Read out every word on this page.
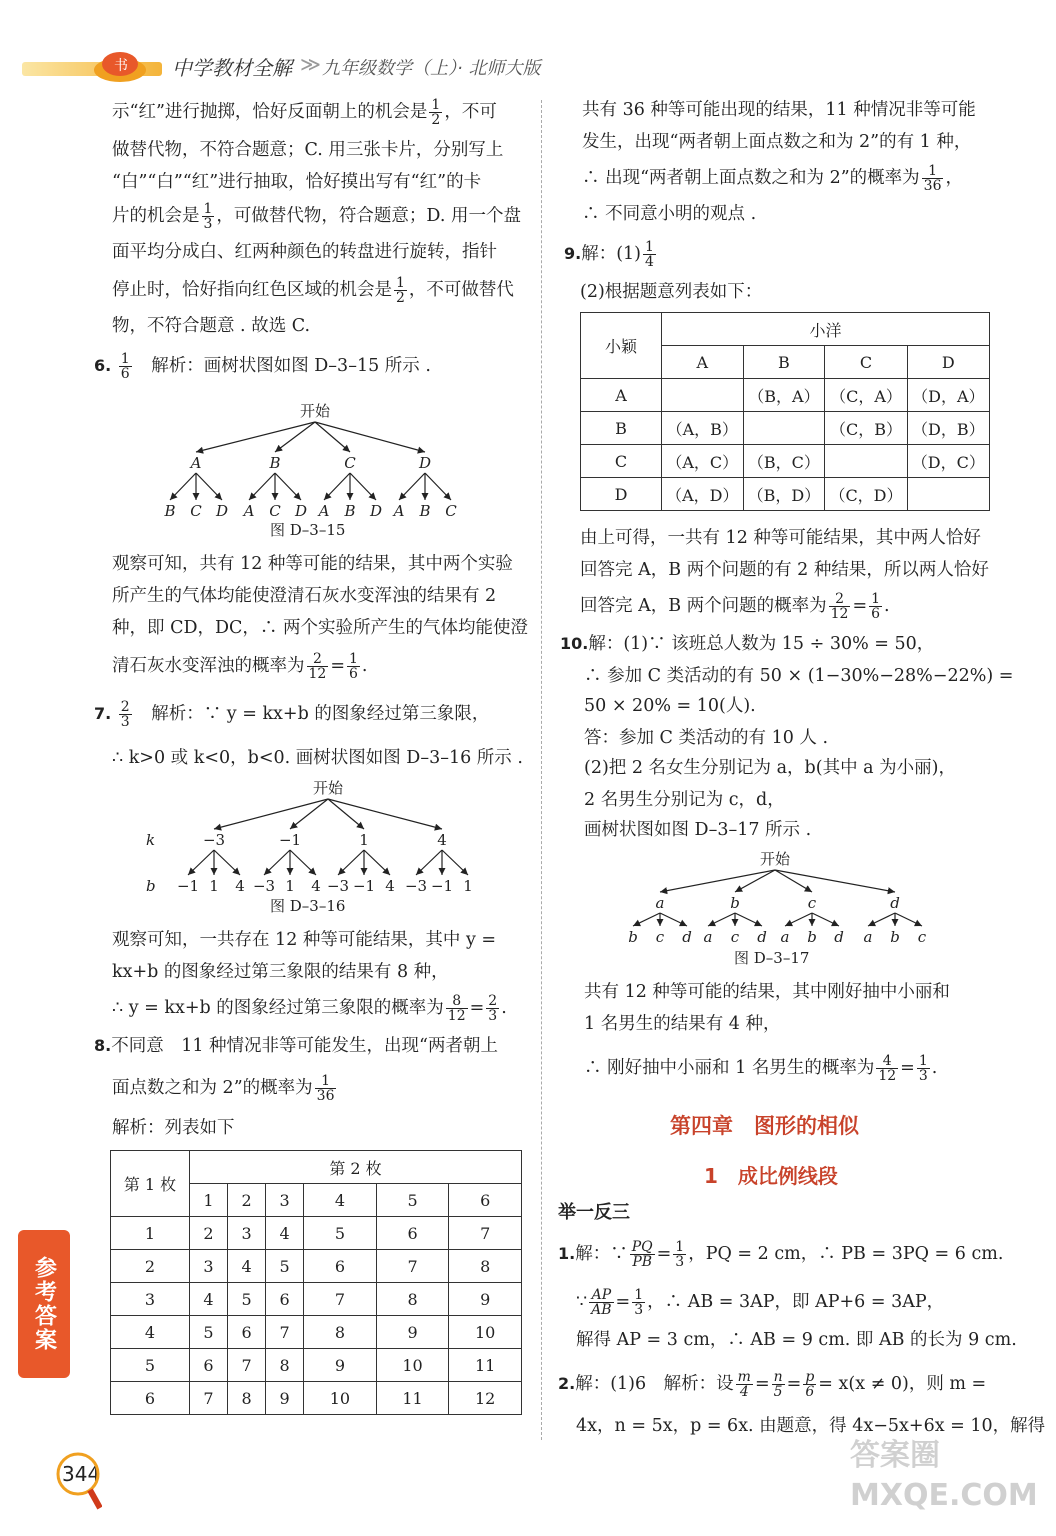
书 中学教材全解 ≫ 九年级数学（上）· 北师大版
示“红”进行抛掷，恰好反面朝上的机会是 $\frac{1}{2}$ ，不可
做替代物，不符合题意；C. 用三张卡片，分别写上
“白”“白”“红”进行抽取，恰好摸出写有“红”的卡
片的机会是 $\frac{1}{3}$ ，可做替代物，符合题意；D. 用一个盘
面平均分成白、红两种颜色的转盘进行旋转，指针
停止时，恰好指向红色区域的机会是 $\frac{1}{2}$ ，不可做替代
物，不符合题意 . 故选 C.
6. $\frac{1}{6}$
　 解析：画树状图如图 D–3–15 所示 .
开始
A
B C D
B
A C D
C
A B D
D
A B C
图 D–3–15
观察可知，共有 12 种等可能的结果，其中两个实验
所产生的气体均能使澄清石灰水变浑浊的结果有 2
种，即 CD，DC，∴ 两个实验所产生的气体均能使澄
清石灰水变浑浊的概率为 $\frac{2}{12} = \frac{1}{6}$ .
7. $\frac{2}{3}$
　 解析：∵ y = kx+b 的图象经过第三象限，
∴ k>0 或 k<0，b<0. 画树状图如图 D–3–16 所示 .
开始
−3
−1 1 4
−1
−3 1 4
1
−3 −1 4
4
−3 −1 1
k
b
图 D–3–16
观察可知，一共存在 12 种等可能结果，其中 y =
kx+b 的图象经过第三象限的结果有 8 种，
∴ y = kx+b 的图象经过第三象限的概率为 $\frac{8}{12} = \frac{2}{3}$ .
8.不同意　11 种情况非等可能发生，出现“两者朝上
面点数之和为 2”的概率为 $\frac{1}{36}$
解析：列表如下
第 1 枚	第 2 枚					
	1	2	3	4	5	6
1	2	3	4	5	6	7
2	3	4	5	6	7	8
3	4	5	6	7	8	9
4	5	6	7	8	9	10
5	6	7	8	9	10	11
6	7	8	9	10	11	12
参考答案
344
共有 36 种等可能出现的结果，11 种情况非等可能
发生，出现“两者朝上面点数之和为 2”的有 1 种，
∴ 出现“两者朝上面点数之和为 2”的概率为 $\frac{1}{36}$ ，
∴ 不同意小明的观点 .
9.解：$(1) \frac{1}{4}$
(2)根据题意列表如下：
小颖	小洋			
	A	B	C	D
A		（B，A）	（C，A）	（D，A）
B	（A，B）		（C，B）	（D，B）
C	（A，C）	（B，C）		（D，C）
D	（A，D）	（B，D）	（C，D）	
由上可得，一共有 12 种等可能结果，其中两人恰好
回答完 A，B 两个问题的有 2 种结果，所以两人恰好
回答完 A，B 两个问题的概率为 $\frac{2}{12} = \frac{1}{6}$ .
10.解：(1)∵ 该班总人数为 15 ÷ 30% = 50，
∴ 参加 C 类活动的有 50 × (1−30%−28%−22%) =
50 × 20% = 10(人).
答：参加 C 类活动的有 10 人 .
(2)把 2 名女生分别记为 a，b(其中 a 为小丽)，
2 名男生分别记为 c，d，
画树状图如图 D–3–17 所示 .
开始
a
b c d
b
a c d
c
a b d
d
a b c
图 D–3–17
共有 12 种等可能的结果，其中刚好抽中小丽和
1 名男生的结果有 4 种，
∴ 刚好抽中小丽和 1 名男生的概率为 $\frac{4}{12} = \frac{1}{3}$ .
第四章　图形的相似
1　成比例线段
举一反三
1.解：∵ $\frac{PQ}{PB} = \frac{1}{3}$ ，PQ = 2 cm，∴ PB = 3PQ = 6 cm.
∵ $\frac{AP}{AB} = \frac{1}{3}$ ，∴ AB = 3AP，即 AP+6 = 3AP，
解得 AP = 3 cm，∴ AB = 9 cm. 即 AB 的长为 9 cm.
2.解：(1)6　解析：设 $\frac{m}{4} = \frac{n}{5} = \frac{p}{6} = x(x \ne 0)$，则 m =
4x，n = 5x，p = 6x. 由题意，得 4x−5x+6x = 10，解得
答案圈 MXQE.COM
